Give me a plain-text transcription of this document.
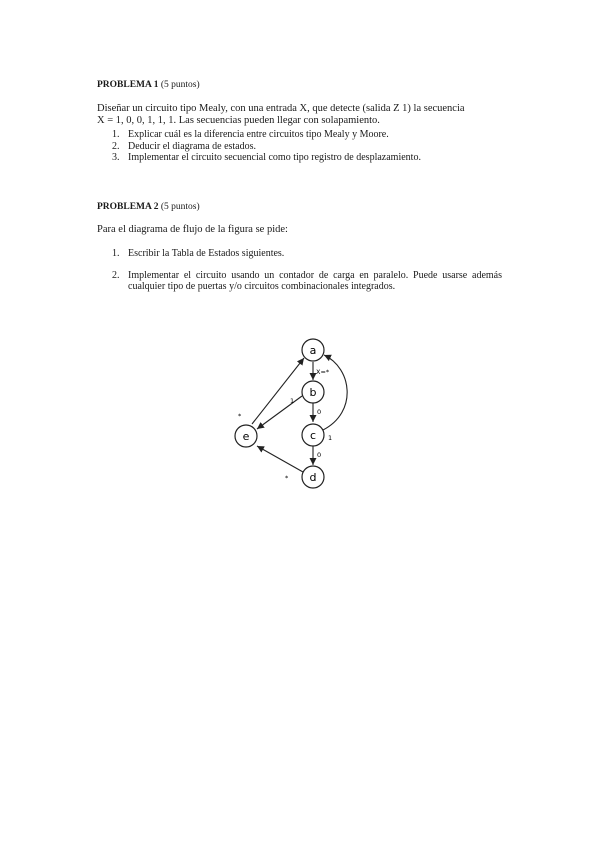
PROBLEMA 1 (5 puntos)
Diseñar un circuito tipo Mealy, con una entrada X, que detecte (salida Z 1) la secuencia
X = 1, 0, 0, 1, 1, 1. Las secuencias pueden llegar con solapamiento.
1. Explicar cuál es la diferencia entre circuitos tipo Mealy y Moore.
2. Deducir el diagrama de estados.
3. Implementar el circuito secuencial como tipo registro de desplazamiento.
PROBLEMA 2 (5 puntos)
Para el diagrama de flujo de la figura se pide:
1. Escribir la Tabla de Estados siguientes.
2. Implementar el circuito usando un contador de carga en paralelo. Puede usarse además cualquier tipo de puertas y/o circuitos combinacionales integrados.
a
b
c
d
e
X=*
0
0
1
1
*
*
